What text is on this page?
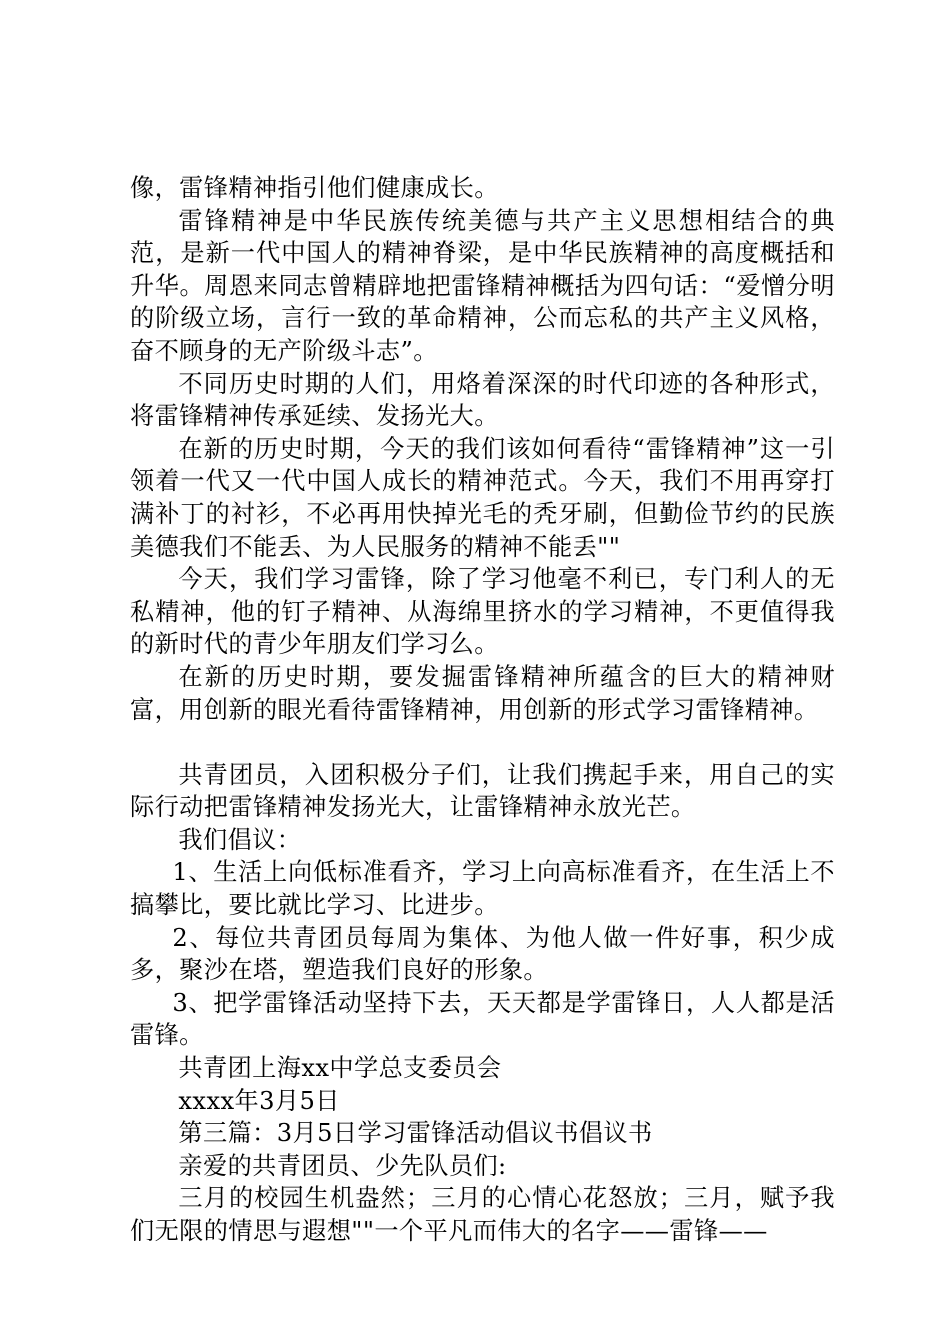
像，雷锋精神指引他们健康成长。

雷锋精神是中华民族传统美德与共产主义思想相结合的典范，是新一代中国人的精神脊梁，是中华民族精神的高度概括和升华。周恩来同志曾精辟地把雷锋精神概括为四句话：“爱憎分明的阶级立场，言行一致的革命精神，公而忘私的共产主义风格，奋不顾身的无产阶级斗志”。

不同历史时期的人们，用烙着深深的时代印迹的各种形式，将雷锋精神传承延续、发扬光大。

在新的历史时期，今天的我们该如何看待“雷锋精神”这一引领着一代又一代中国人成长的精神范式。今天，我们不用再穿打满补丁的衬衫，不必再用快掉光毛的秃牙刷，但勤俭节约的民族美德我们不能丢、为人民服务的精神不能丢""

今天，我们学习雷锋，除了学习他毫不利已，专门利人的无私精神，他的钉子精神、从海绵里挤水的学习精神，不更值得我的新时代的青少年朋友们学习么。

在新的历史时期，要发掘雷锋精神所蕴含的巨大的精神财富，用创新的眼光看待雷锋精神，用创新的形式学习雷锋精神。

共青团员，入团积极分子们，让我们携起手来，用自己的实际行动把雷锋精神发扬光大，让雷锋精神永放光芒。

我们倡议：

1、生活上向低标准看齐，学习上向高标准看齐，在生活上不搞攀比，要比就比学习、比进步。

2、每位共青团员每周为集体、为他人做一件好事，积少成多，聚沙在塔，塑造我们良好的形象。

3、把学雷锋活动坚持下去，天天都是学雷锋日，人人都是活雷锋。

共青团上海xx中学总支委员会

xxxx年3月5日

第三篇：3月5日学习雷锋活动倡议书倡议书

亲爱的共青团员、少先队员们:

三月的校园生机盎然；三月的心情心花怒放；三月，赋予我们无限的情思与遐想""一个平凡而伟大的名字——雷锋——
